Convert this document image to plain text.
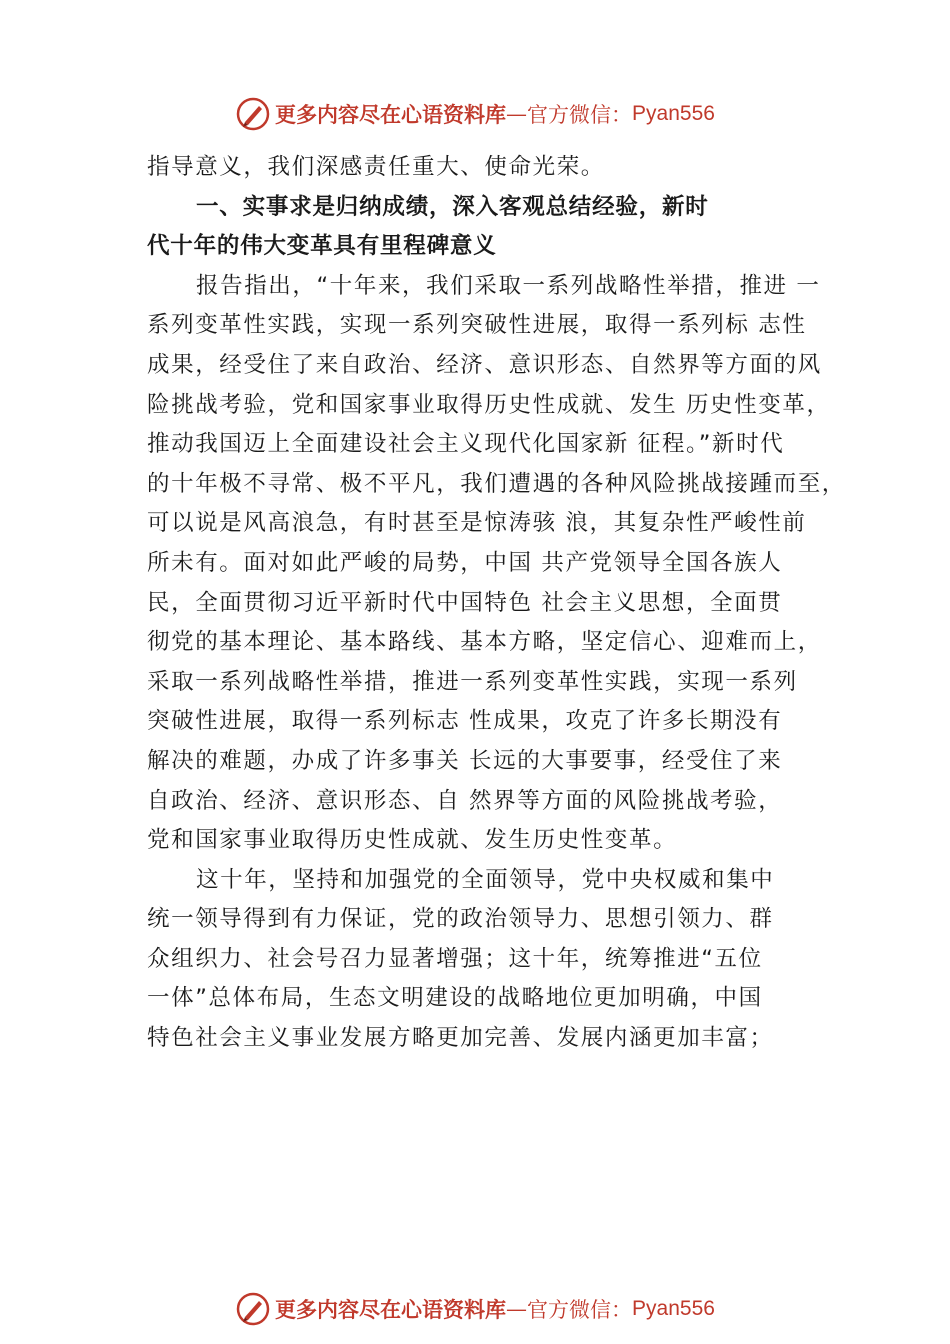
更多内容尽在心语资料库 — 官方微信： Pyan556

指导意义，我们深感责任重大、使命光荣。

一、实事求是归纳成绩，深入客观总结经验，新时

代十年的伟大变革具有里程碑意义

报告指出，“十年来，我们采取一系列战略性举措，推进 一

系列变革性实践，实现一系列突破性进展，取得一系列标 志性

成果，经受住了来自政治、经济、意识形态、自然界等方面的风

险挑战考验，党和国家事业取得历史性成就、发生 历史性变革，

推动我国迈上全面建设社会主义现代化国家新 征程。”新时代

的十年极不寻常、极不平凡，我们遭遇的各种风险挑战接踵而至，

可以说是风高浪急，有时甚至是惊涛骇 浪，其复杂性严峻性前

所未有。面对如此严峻的局势，中国 共产党领导全国各族人

民，全面贯彻习近平新时代中国特色 社会主义思想，全面贯

彻党的基本理论、基本路线、基本方略，坚定信心、迎难而上，

采取一系列战略性举措，推进一系列变革性实践，实现一系列

突破性进展，取得一系列标志 性成果，攻克了许多长期没有

解决的难题，办成了许多事关 长远的大事要事，经受住了来

自政治、经济、意识形态、自 然界等方面的风险挑战考验，

党和国家事业取得历史性成就、发生历史性变革。

这十年，坚持和加强党的全面领导，党中央权威和集中

统一领导得到有力保证，党的政治领导力、思想引领力、群

众组织力、社会号召力显著增强；这十年，统筹推进“五位

一体”总体布局，生态文明建设的战略地位更加明确，中国

特色社会主义事业发展方略更加完善、发展内涵更加丰富；

更多内容尽在心语资料库 — 官方微信： Pyan556
